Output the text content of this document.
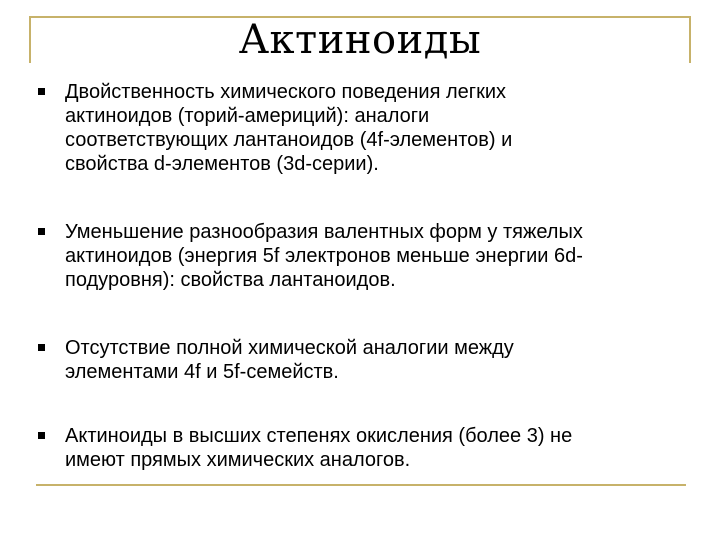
Актиноиды
Двойственность химического поведения легких
актиноидов (торий-америций): аналоги
соответствующих лантаноидов (4f-элементов) и
свойства d-элементов (3d-серии).
Уменьшение разнообразия валентных форм у тяжелых
актиноидов (энергия 5f электронов меньше энергии 6d-
подуровня): свойства лантаноидов.
Отсутствие полной химической аналогии между
элементами 4f и 5f-семейств.
Актиноиды в высших степенях окисления (более 3) не
имеют прямых химических аналогов.
